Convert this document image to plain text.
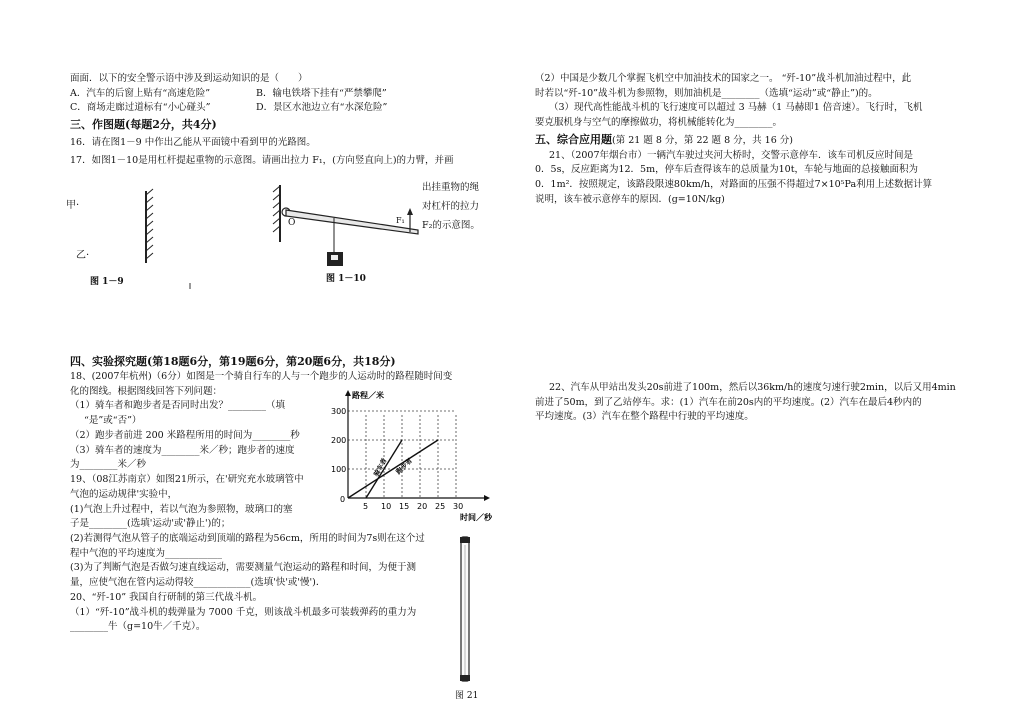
面面．以下的安全警示语中涉及到运动知识的是（　　）

A．汽车的后窗上贴有“高速危险”	B．输电铁塔下挂有“严禁攀爬”

C．商场走廊过道标有“小心碰头”	D．景区水池边立有“水深危险”

三、作图题(每题2分，共4分)

16．请在图1－9 中作出乙能从平面镜中看到甲的光路图。

17．如图1－10是用杠杆提起重物的示意图。请画出拉力 F₁，(方向竖直向上)的力臂，并画

出挂重物的绳

对杠杆的拉力

F₂的示意图。

甲·
乙·
图 1－9
O	F₁
图 1－10

四、实验探究题(第18题6分，第19题6分，第20题6分，共18分)

18、(2007年杭州)（6分）如图是一个骑自行车的人与一个跑步的人运动时的路程随时间变

化的图线。根据图线回答下列问题：

（1）骑车者和跑步者是否同时出发？________（填

“是”或“否”）

（2）跑步者前进 200 米路程所用的时间为________秒

（3）骑车者的速度为________米／秒；跑步者的速度

为________米／秒

19、（08江苏南京）如图21所示，在'研究充水玻璃管中

气泡的运动规律'实验中，

(1)气泡上升过程中，若以气泡为参照物，玻璃口的塞

子是________(选填'运动'或'静止')的；

(2)若测得气泡从管子的底端运动到顶端的路程为56cm，所用的时间为7s则在这个过

程中气泡的平均速度为____________

(3)为了判断气泡是否做匀速直线运动，需要测量气泡运动的路程和时间，为便于测

量，应使气泡在管内运动得较____________(选填'快'或'慢')．

20、“歼-10” 我国自行研制的第三代战斗机。

（1）“歼-10”战斗机的载弹量为 7000 千克，则该战斗机最多可装载弹药的重力为

________牛（g=10牛／千克）。

5 10 15 20 25 30
100
200
300
0
路程／米
时间／秒
骑车者 跑步者
图 21

（2）中国是少数几个掌握飞机空中加油技术的国家之一。 “歼-10”战斗机加油过程中，此

时若以“歼-10”战斗机为参照物，则加油机是________（选填“运动”或“静止”)的。

（3）现代高性能战斗机的飞行速度可以超过 3 马赫（1 马赫即1 倍音速）。飞行时，飞机

要克服机身与空气的摩擦做功，将机械能转化为________。

五、综合应用题(第 21 题 8 分，第 22 题 8 分，共 16 分)

21、（2007年烟台市）一辆汽车驶过夹河大桥时，交警示意停车．该车司机反应时间是

0．5s，反应距离为12．5m，停车后查得该车的总质量为10t，车轮与地面的总接触面积为

0．1m²．按照规定，该路段限速80km/h，对路面的压强不得超过7×10⁵Pa利用上述数据计算

说明，该车被示意停车的原因．(g=10N/kg)

22、汽车从甲站出发头20s前进了100m，然后以36km/h的速度匀速行驶2min，以后又用4min

前进了50m，到了乙站停车。求：(1）汽车在前20s内的平均速度。(2）汽车在最后4秒内的

平均速度。(3）汽车在整个路程中行驶的平均速度。
